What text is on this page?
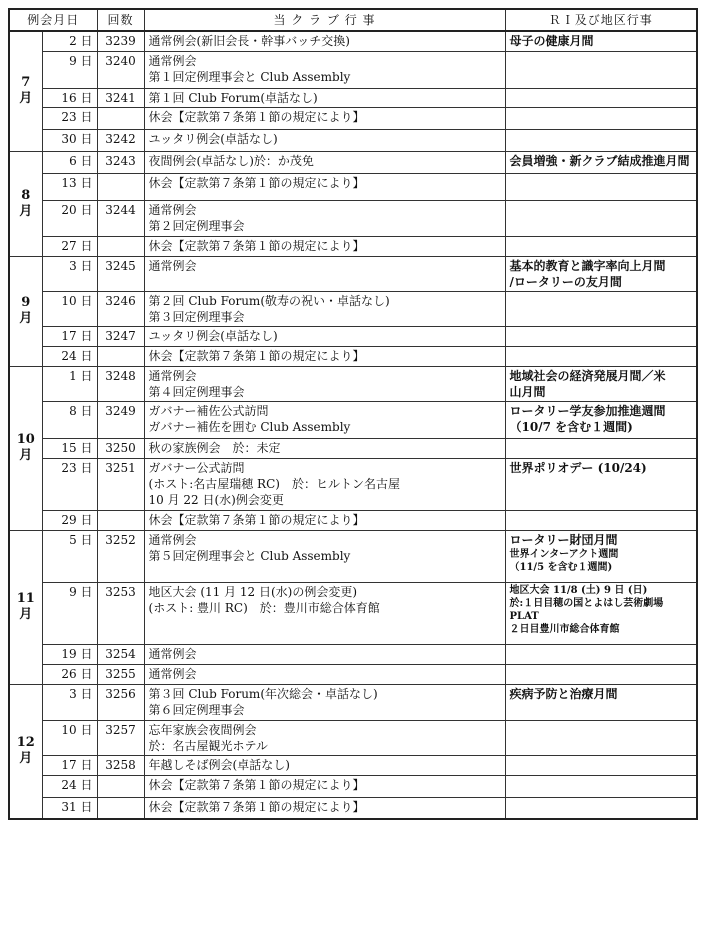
例会月日		回数	当 ク ラ ブ 行 事	ＲＩ及び地区行事

7
月	2 日	3239	通常例会(新旧会長・幹事バッチ交換)	母子の健康月間

	9 日	3240	通常例会
第１回定例理事会と Club Assembly	

	16 日	3241	第１回 Club Forum(卓話なし)	

	23 日		休会【定款第７条第１節の規定により】	

	30 日	3242	ユッタリ例会(卓話なし)	

8
月	6 日	3243	夜間例会(卓話なし)於：か茂免	会員増強・新クラブ結成推進月間

	13 日		休会【定款第７条第１節の規定により】	

	20 日	3244	通常例会
第２回定例理事会	

	27 日		休会【定款第７条第１節の規定により】	

9
月	3 日	3245	通常例会	基本的教育と識字率向上月間
/ロータリーの友月間

	10 日	3246	第２回 Club Forum(敬寿の祝い・卓話なし)
第３回定例理事会	

	17 日	3247	ユッタリ例会(卓話なし)	

	24 日		休会【定款第７条第１節の規定により】	

10
月	1 日	3248	通常例会
第４回定例理事会	地域社会の経済発展月間／米
山月間

	8 日	3249	ガバナー補佐公式訪問
ガバナー補佐を囲む Club Assembly	ロータリー学友参加推進週間
（10/7 を含む１週間)

	15 日	3250	秋の家族例会　於：未定	

	23 日	3251	ガバナー公式訪問
(ホスト:名古屋瑞穂 RC)　於：ヒルトン名古屋
10 月 22 日(水)例会変更	世界ポリオデー (10/24)

	29 日		休会【定款第７条第１節の規定により】	

11
月	5 日	3252	通常例会
第５回定例理事会と Club Assembly	ロータリー財団月間
世界インターアクト週間
（11/5 を含む１週間)

	9 日	3253	地区大会 (11 月 12 日(水)の例会変更)
(ホスト: 豊川 RC)　於：豊川市総合体育館	地区大会 11/8 (土) 9 日 (日)
於:１日目穂の国とよはし芸術劇場
PLAT
２日目豊川市総合体育館

	19 日	3254	通常例会	

	26 日	3255	通常例会	

12
月	3 日	3256	第３回 Club Forum(年次総会・卓話なし)
第６回定例理事会	疾病予防と治療月間

	10 日	3257	忘年家族会夜間例会
於：名古屋観光ホテル	

	17 日	3258	年越しそば例会(卓話なし)	

	24 日		休会【定款第７条第１節の規定により】	

	31 日		休会【定款第７条第１節の規定により】	
